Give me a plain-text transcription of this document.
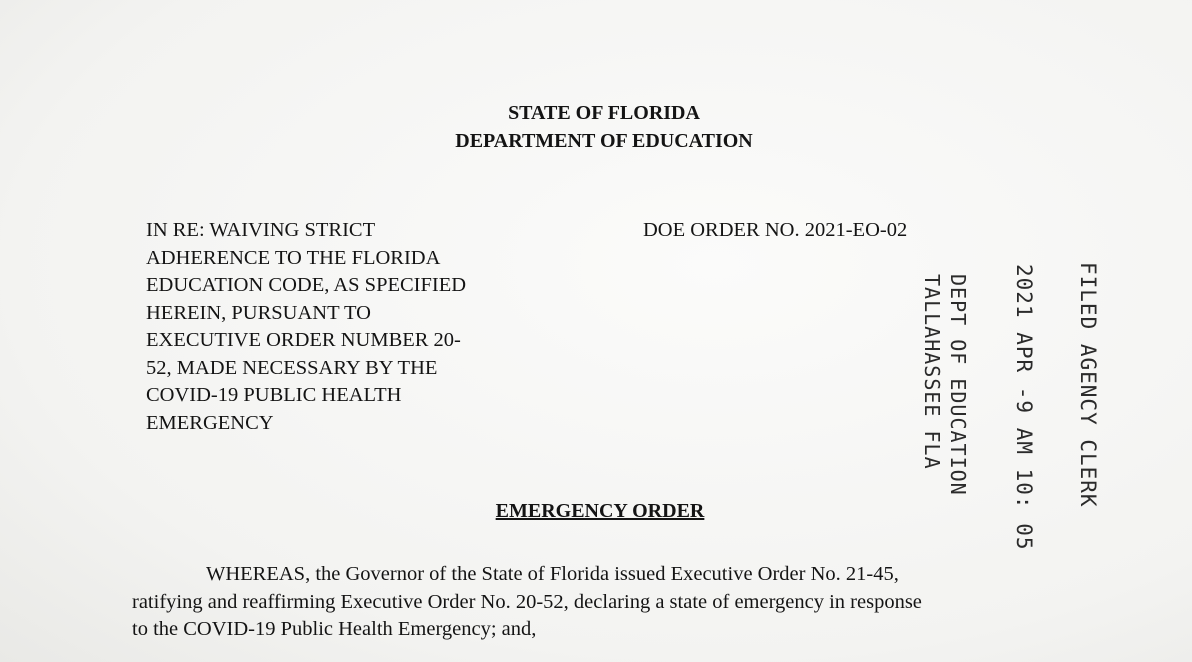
STATE OF FLORIDA
DEPARTMENT OF EDUCATION
IN RE: WAIVING STRICT
ADHERENCE TO THE FLORIDA
EDUCATION CODE, AS SPECIFIED
HEREIN, PURSUANT TO
EXECUTIVE ORDER NUMBER 20-
52, MADE NECESSARY BY THE
COVID-19 PUBLIC HEALTH
EMERGENCY
DOE ORDER NO. 2021-EO-02
FILED AGENCY CLERK
2021 APR -9 AM 10: 05
DEPT OF EDUCATION
TALLAHASSEE FLA
EMERGENCY ORDER
WHEREAS, the Governor of the State of Florida issued Executive Order No. 21-45,
ratifying and reaffirming Executive Order No. 20-52, declaring a state of emergency in response
to the COVID-19 Public Health Emergency; and,
